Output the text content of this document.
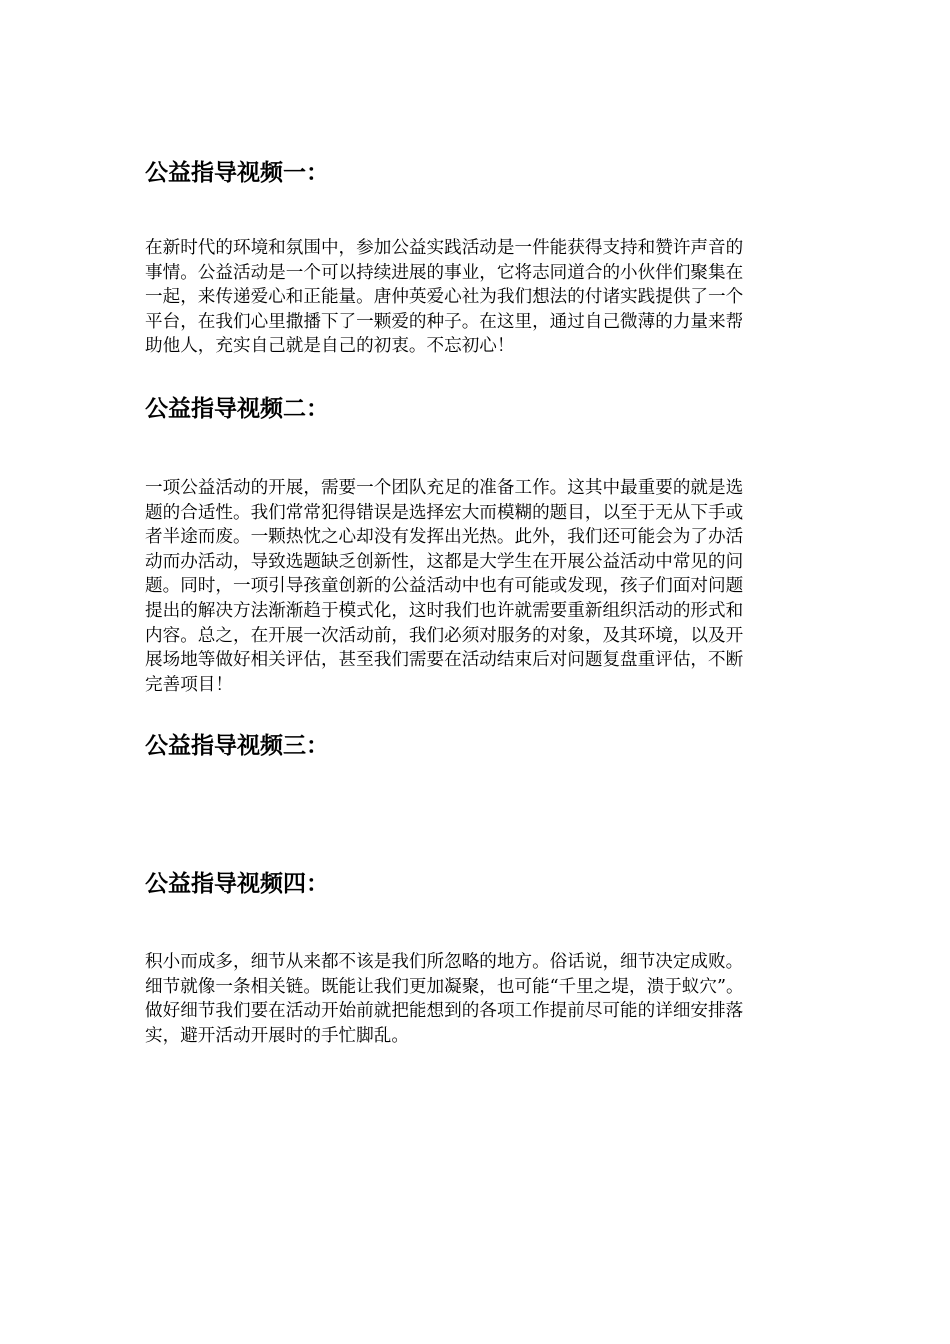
公益指导视频一：

在新时代的环境和氛围中，参加公益实践活动是一件能获得支持和赞许声音的
事情。公益活动是一个可以持续进展的事业，它将志同道合的小伙伴们聚集在
一起，来传递爱心和正能量。唐仲英爱心社为我们想法的付诸实践提供了一个
平台，在我们心里撒播下了一颗爱的种子。在这里，通过自己微薄的力量来帮
助他人，充实自己就是自己的初衷。不忘初心！

公益指导视频二：

一项公益活动的开展，需要一个团队充足的准备工作。这其中最重要的就是选
题的合适性。我们常常犯得错误是选择宏大而模糊的题目，以至于无从下手或
者半途而废。一颗热忱之心却没有发挥出光热。此外，我们还可能会为了办活
动而办活动，导致选题缺乏创新性，这都是大学生在开展公益活动中常见的问
题。同时，一项引导孩童创新的公益活动中也有可能或发现，孩子们面对问题
提出的解决方法渐渐趋于模式化，这时我们也许就需要重新组织活动的形式和
内容。总之，在开展一次活动前，我们必须对服务的对象，及其环境，以及开
展场地等做好相关评估，甚至我们需要在活动结束后对问题复盘重评估，不断
完善项目！

公益指导视频三：
公益指导视频四：

积小而成多，细节从来都不该是我们所忽略的地方。俗话说，细节决定成败。
细节就像一条相关链。既能让我们更加凝聚，也可能“千里之堤，溃于蚁穴”。
做好细节我们要在活动开始前就把能想到的各项工作提前尽可能的详细安排落
实，避开活动开展时的手忙脚乱。
